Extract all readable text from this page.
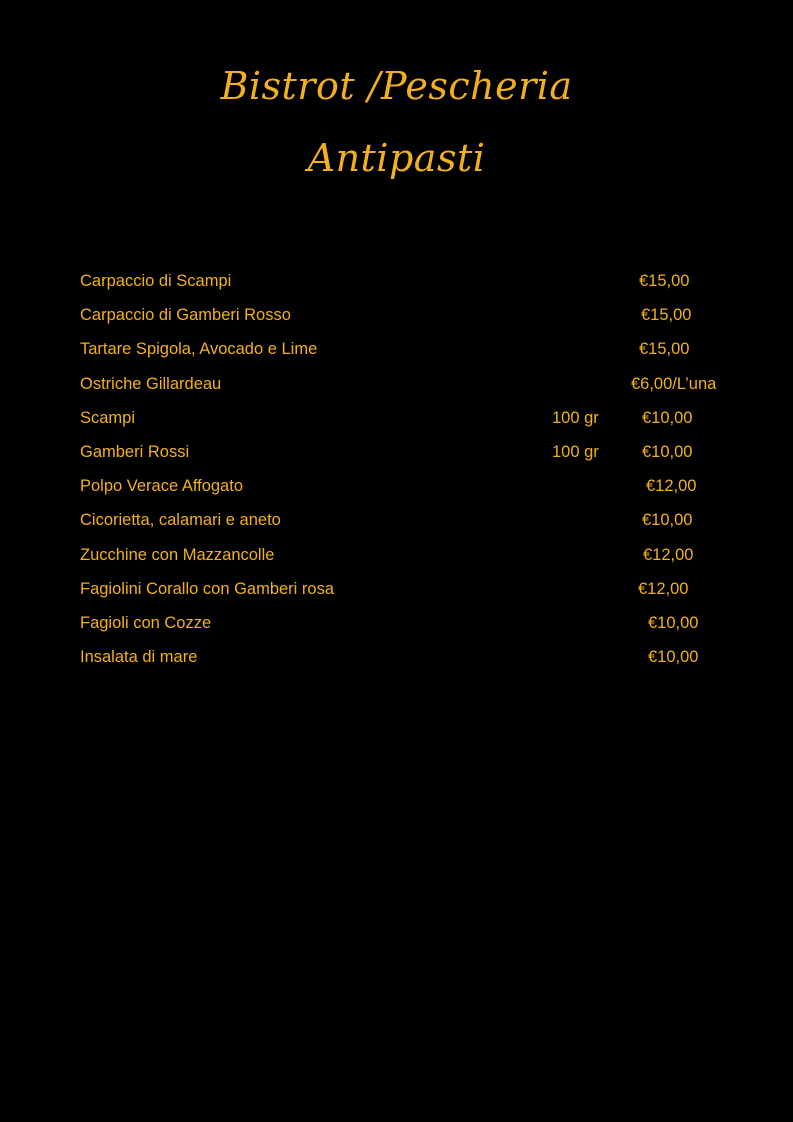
Bistrot /Pescheria
Antipasti
Carpaccio di Scampi	€15,00
Carpaccio di Gamberi Rosso	€15,00
Tartare Spigola, Avocado e Lime	€15,00
Ostriche Gillardeau	€6,00/L’una
Scampi	100 gr	€10,00
Gamberi Rossi	100 gr	€10,00
Polpo Verace Affogato	€12,00
Cicorietta, calamari e aneto	€10,00
Zucchine con Mazzancolle	€12,00
Fagiolini Corallo con Gamberi rosa	€12,00
Fagioli con Cozze	€10,00
Insalata di mare	€10,00
